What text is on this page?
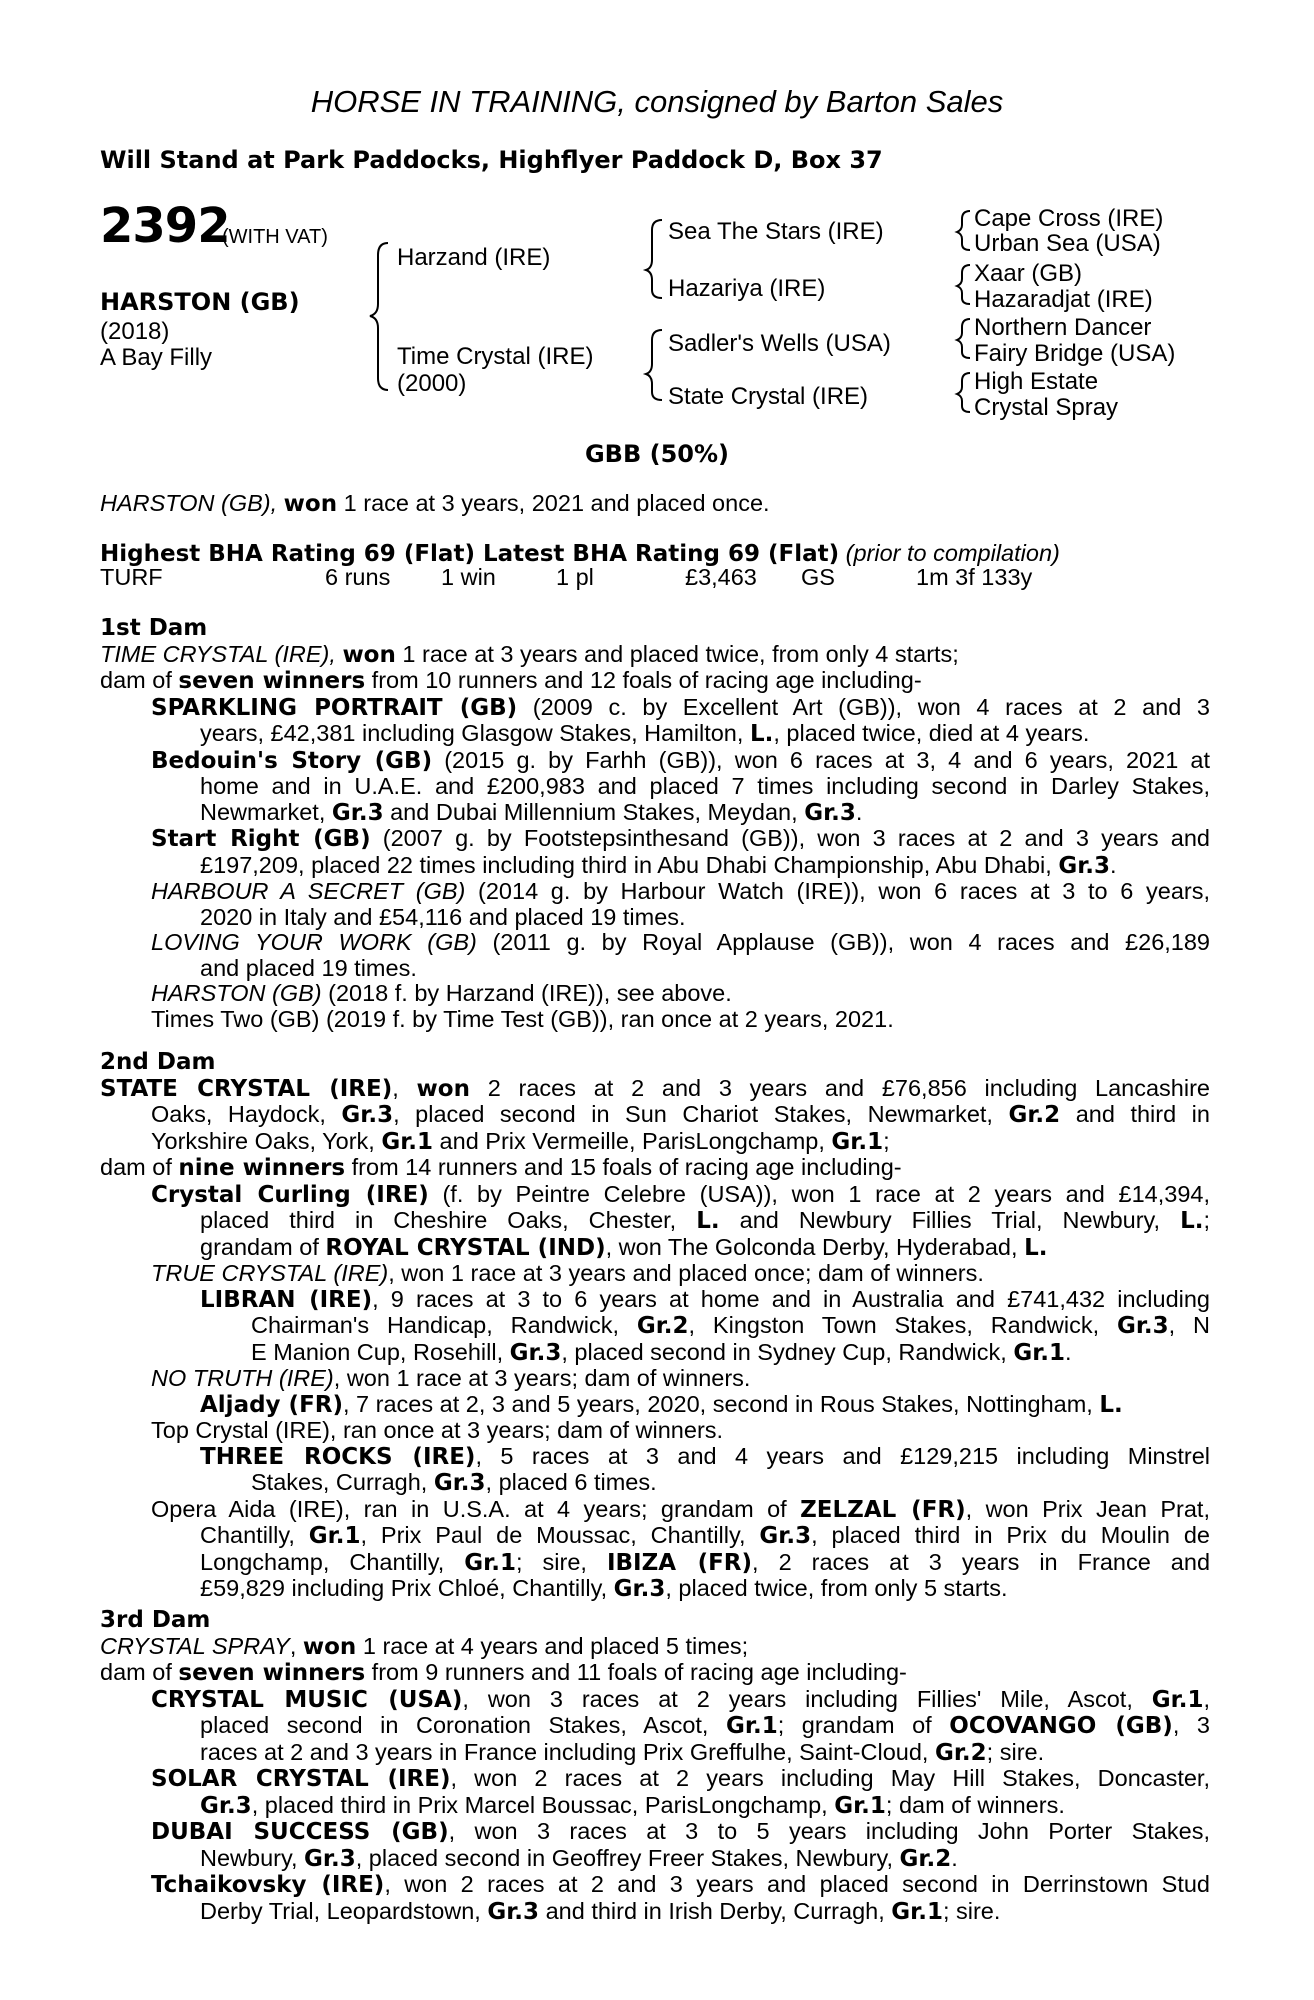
HORSE IN TRAINING, consigned by Barton Sales
Will Stand at Park Paddocks, Highflyer Paddock D, Box 37
2392
(WITH VAT)
HARSTON (GB)
(2018)
A Bay Filly
Harzand (IRE)
Time Crystal (IRE)
(2000)
Sea The Stars (IRE)
Hazariya (IRE)
Sadler's Wells (USA)
State Crystal (IRE)
Cape Cross (IRE)
Urban Sea (USA)
Xaar (GB)
Hazaradjat (IRE)
Northern Dancer
Fairy Bridge (USA)
High Estate
Crystal Spray
GBB (50%)
HARSTON (GB), won 1 race at 3 years, 2021 and placed once.
Highest BHA Rating 69 (Flat) Latest BHA Rating 69 (Flat) (prior to compilation)
TURF	6 runs 1 win	1 pl	£3,463 GS	1m 3f 133y
1st Dam
TIME CRYSTAL (IRE), won 1 race at 3 years and placed twice, from only 4 starts;
dam of seven winners from 10 runners and 12 foals of racing age including-
SPARKLING PORTRAIT (GB) (2009 c. by Excellent Art (GB)), won 4 races at 2 and 3
years, £42,381 including Glasgow Stakes, Hamilton, L., placed twice, died at 4 years.
Bedouin's Story (GB) (2015 g. by Farhh (GB)), won 6 races at 3, 4 and 6 years, 2021 at
home and in U.A.E. and £200,983 and placed 7 times including second in Darley Stakes,
Newmarket, Gr.3 and Dubai Millennium Stakes, Meydan, Gr.3.
Start Right (GB) (2007 g. by Footstepsinthesand (GB)), won 3 races at 2 and 3 years and
£197,209, placed 22 times including third in Abu Dhabi Championship, Abu Dhabi, Gr.3.
HARBOUR A SECRET (GB) (2014 g. by Harbour Watch (IRE)), won 6 races at 3 to 6 years,
2020 in Italy and £54,116 and placed 19 times.
LOVING YOUR WORK (GB) (2011 g. by Royal Applause (GB)), won 4 races and £26,189
and placed 19 times.
HARSTON (GB) (2018 f. by Harzand (IRE)), see above.
Times Two (GB) (2019 f. by Time Test (GB)), ran once at 2 years, 2021.
2nd Dam
STATE CRYSTAL (IRE), won 2 races at 2 and 3 years and £76,856 including Lancashire
Oaks, Haydock, Gr.3, placed second in Sun Chariot Stakes, Newmarket, Gr.2 and third in
Yorkshire Oaks, York, Gr.1 and Prix Vermeille, ParisLongchamp, Gr.1;
dam of nine winners from 14 runners and 15 foals of racing age including-
Crystal Curling (IRE) (f. by Peintre Celebre (USA)), won 1 race at 2 years and £14,394,
placed third in Cheshire Oaks, Chester, L. and Newbury Fillies Trial, Newbury, L.;
grandam of ROYAL CRYSTAL (IND), won The Golconda Derby, Hyderabad, L.
TRUE CRYSTAL (IRE), won 1 race at 3 years and placed once; dam of winners.
LIBRAN (IRE), 9 races at 3 to 6 years at home and in Australia and £741,432 including
Chairman's Handicap, Randwick, Gr.2, Kingston Town Stakes, Randwick, Gr.3, N
E Manion Cup, Rosehill, Gr.3, placed second in Sydney Cup, Randwick, Gr.1.
NO TRUTH (IRE), won 1 race at 3 years; dam of winners.
Aljady (FR), 7 races at 2, 3 and 5 years, 2020, second in Rous Stakes, Nottingham, L.
Top Crystal (IRE), ran once at 3 years; dam of winners.
THREE ROCKS (IRE), 5 races at 3 and 4 years and £129,215 including Minstrel
Stakes, Curragh, Gr.3, placed 6 times.
Opera Aida (IRE), ran in U.S.A. at 4 years; grandam of ZELZAL (FR), won Prix Jean Prat,
Chantilly, Gr.1, Prix Paul de Moussac, Chantilly, Gr.3, placed third in Prix du Moulin de
Longchamp, Chantilly, Gr.1; sire, IBIZA (FR), 2 races at 3 years in France and
£59,829 including Prix Chloé, Chantilly, Gr.3, placed twice, from only 5 starts.
3rd Dam
CRYSTAL SPRAY, won 1 race at 4 years and placed 5 times;
dam of seven winners from 9 runners and 11 foals of racing age including-
CRYSTAL MUSIC (USA), won 3 races at 2 years including Fillies' Mile, Ascot, Gr.1,
placed second in Coronation Stakes, Ascot, Gr.1; grandam of OCOVANGO (GB), 3
races at 2 and 3 years in France including Prix Greffulhe, Saint-Cloud, Gr.2; sire.
SOLAR CRYSTAL (IRE), won 2 races at 2 years including May Hill Stakes, Doncaster,
Gr.3, placed third in Prix Marcel Boussac, ParisLongchamp, Gr.1; dam of winners.
DUBAI SUCCESS (GB), won 3 races at 3 to 5 years including John Porter Stakes,
Newbury, Gr.3, placed second in Geoffrey Freer Stakes, Newbury, Gr.2.
Tchaikovsky (IRE), won 2 races at 2 and 3 years and placed second in Derrinstown Stud
Derby Trial, Leopardstown, Gr.3 and third in Irish Derby, Curragh, Gr.1; sire.
